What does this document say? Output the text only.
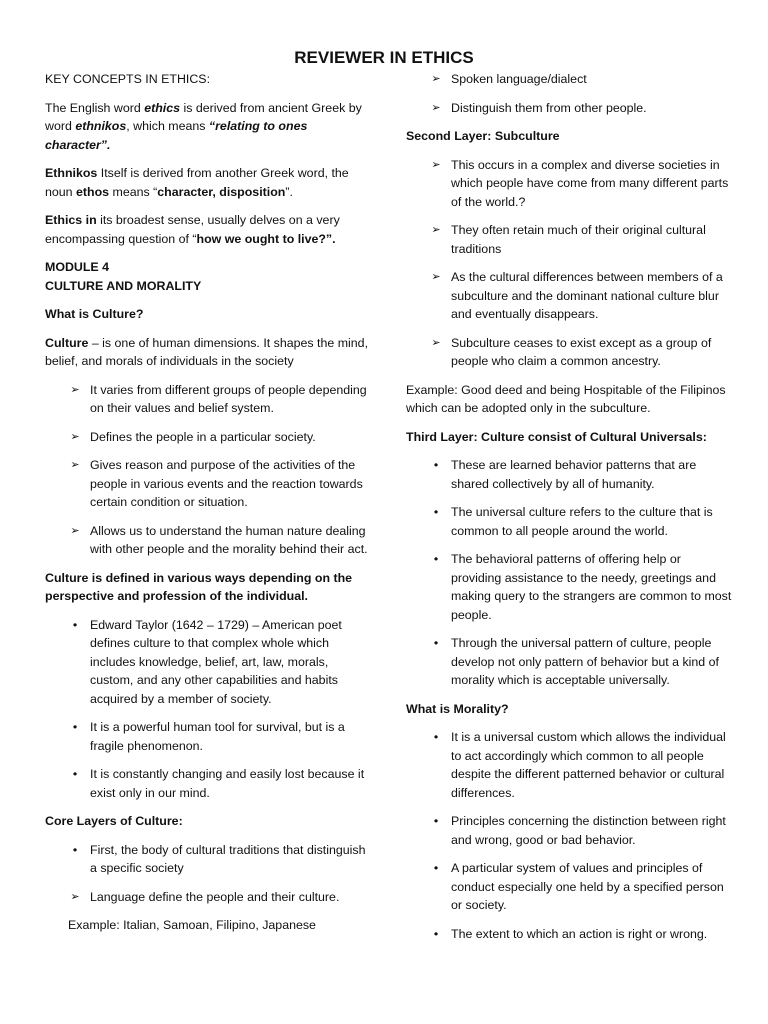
REVIEWER IN ETHICS

KEY CONCEPTS IN ETHICS:

The English word ethics is derived from ancient Greek by word ethnikos, which means “relating to ones character”.

Ethnikos Itself is derived from another Greek word, the noun ethos means “character, disposition”.

Ethics in its broadest sense, usually delves on a very encompassing question of “how we ought to live?”.

MODULE 4
CULTURE AND MORALITY

What is Culture?

Culture – is one of human dimensions. It shapes the mind, belief, and morals of individuals in the society

➢ It varies from different groups of people depending on their values and belief system.
➢ Defines the people in a particular society.
➢ Gives reason and purpose of the activities of the people in various events and the reaction towards certain condition or situation.
➢ Allows us to understand the human nature dealing with other people and the morality behind their act.

Culture is defined in various ways depending on the perspective and profession of the individual.

•	Edward Taylor (1642 – 1729) – American poet defines culture to that complex whole which includes knowledge, belief, art, law, morals, custom, and any other capabilities and habits acquired by a member of society.
•	It is a powerful human tool for survival, but is a fragile phenomenon.
•	It is constantly changing and easily lost because it exist only in our mind.

Core Layers of Culture:

•	First, the body of cultural traditions that distinguish a specific society
➢ Language define the people and their culture.
Example: Italian, Samoan, Filipino, Japanese
➢ Spoken language/dialect
➢ Distinguish them from other people.

Second Layer: Subculture

➢ This occurs in a complex and diverse societies in which people have come from many different parts of the world.?
➢ They often retain much of their original cultural traditions
➢ As the cultural differences between members of a subculture and the dominant national culture blur and eventually disappears.
➢ Subculture ceases to exist except as a group of people who claim a common ancestry.

Example: Good deed and being Hospitable of the Filipinos which can be adopted only in the subculture.

Third Layer: Culture consist of Cultural Universals:

•	These are learned behavior patterns that are shared collectively by all of humanity.
•	The universal culture refers to the culture that is common to all people around the world.
•	The behavioral patterns of offering help or providing assistance to the needy, greetings and making query to the strangers are common to most people.
•	Through the universal pattern of culture, people develop not only pattern of behavior but a kind of morality which is acceptable universally.

What is Morality?

•	It is a universal custom which allows the individual to act accordingly which common to all people despite the different patterned behavior or cultural differences.
•	Principles concerning the distinction between right and wrong, good or bad behavior.
•	A particular system of values and principles of conduct especially one held by a specified person or society.
•	The extent to which an action is right or wrong.
